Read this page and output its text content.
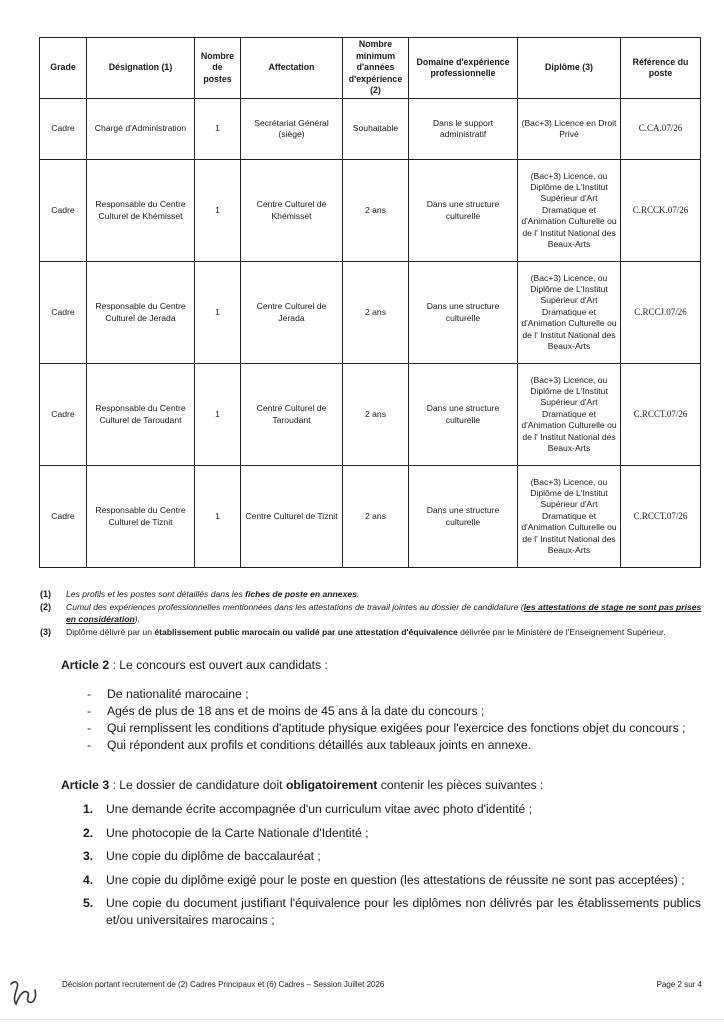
Grade	Désignation (1)	Nombre de postes	Affectation	Nombre minimum d'années d'expérience (2)	Domaine d'expérience professionnelle	Diplôme (3)	Référence du poste
Cadre	Chargé d'Administration	1	Secrétariat Général (siège)	Souhaitable	Dans le support administratif	(Bac+3) Licence en Droit Privé	C.CA.07/26
Cadre	Responsable du Centre Culturel de Khémisset	1	Centre Culturel de Khémisset	2 ans	Dans une structure culturelle	(Bac+3) Licence, ou Diplôme de L'Institut Supérieur d'Art Dramatique et d'Animation Culturelle ou de l' Institut National des Beaux-Arts	C.RCCK.07/26
Cadre	Responsable du Centre Culturel de Jerada	1	Centre Culturel de Jerada	2 ans	Dans une structure culturelle	(Bac+3) Licence, ou Diplôme de L'Institut Supérieur d'Art Dramatique et d'Animation Culturelle ou de l' Institut National des Beaux-Arts	C.RCCJ.07/26
Cadre	Responsable du Centre Culturel de Taroudant	1	Centre Culturel de Taroudant	2 ans	Dans une structure culturelle	(Bac+3) Licence, ou Diplôme de L'Institut Supérieur d'Art Dramatique et d'Animation Culturelle ou de l' Institut National des Beaux-Arts	C.RCCT.07/26
Cadre	Responsable du Centre Culturel de Tiznit	1	Centre Culturel de Tiznit	2 ans	Dans une structure culturelle	(Bac+3) Licence, ou Diplôme de L'Institut Supérieur d'Art Dramatique et d'Animation Culturelle ou de l' Institut National des Beaux-Arts	C.RCCT.07/26
(1)	Les profils et les postes sont détaillés dans les fiches de poste en annexes.
(2)	Cumul des expériences professionnelles mentionnées dans les attestations de travail jointes au dossier de candidature (les attestations de stage ne sont pas prises en considération).
(3)	Diplôme délivré par un établissement public marocain ou validé par une attestation d'équivalence délivrée par le Ministère de l'Enseignement Supérieur.
Article 2 : Le concours est ouvert aux candidats :
-	De nationalité marocaine ;
-	Agés de plus de 18 ans et de moins de 45 ans à la date du concours ;
-	Qui remplissent les conditions d'aptitude physique exigées pour l'exercice des fonctions objet du concours ;
-	Qui répondent aux profils et conditions détaillés aux tableaux joints en annexe.
Article 3 : Le dossier de candidature doit obligatoirement contenir les pièces suivantes :
1.	Une demande écrite accompagnée d'un curriculum vitae avec photo d'identité ;
2.	Une photocopie de la Carte Nationale d'Identité ;
3.	Une copie du diplôme de baccalauréat ;
4.	Une copie du diplôme exigé pour le poste en question (les attestations de réussite ne sont pas acceptées) ;
5.	Une copie du document justifiant l'équivalence pour les diplômes non délivrés par les établissements publics et/ou universitaires marocains ;
Décision portant recrutement de (2) Cadres Principaux et (6) Cadres – Session Juillet 2026	Page 2 sur 4
